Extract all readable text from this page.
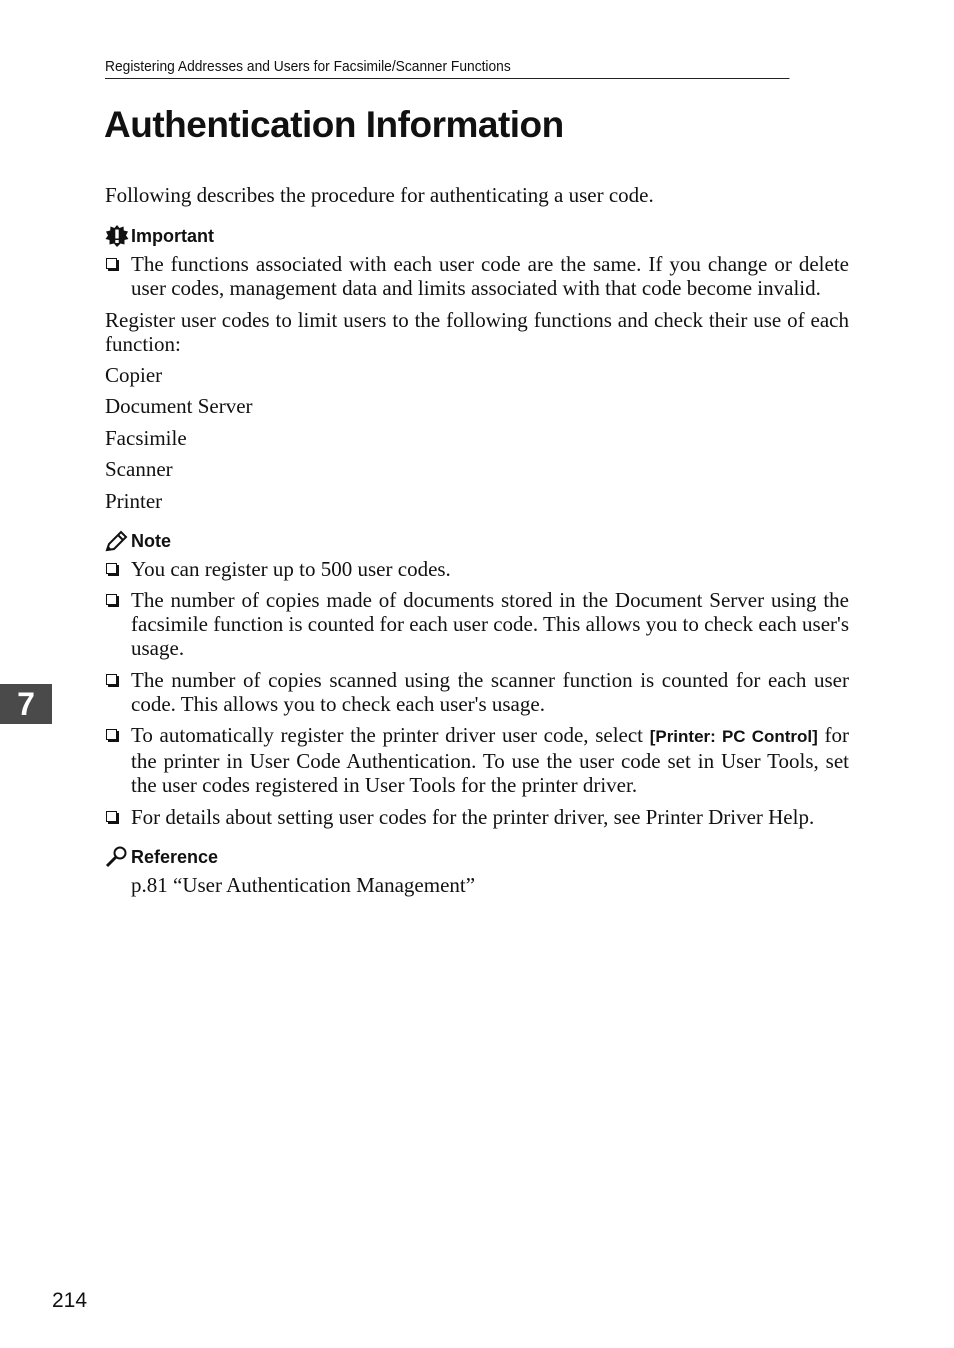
Registering Addresses and Users for Facsimile/Scanner Functions
Authentication Information

Following describes the procedure for authenticating a user code.

Important
The functions associated with each user code are the same. If you change or delete user codes, management data and limits associated with that code become invalid.

Register user codes to limit users to the following functions and check their use of each function:

Copier

Document Server

Facsimile

Scanner

Printer

Note
You can register up to 500 user codes.
The number of copies made of documents stored in the Document Server using the facsimile function is counted for each user code. This allows you to check each user's usage.
The number of copies scanned using the scanner function is counted for each user code. This allows you to check each user's usage.
To automatically register the printer driver user code, select [Printer: PC Control] for the printer in User Code Authentication. To use the user code set in User Tools, set the user codes registered in User Tools for the printer driver.
For details about setting user codes for the printer driver, see Printer Driver Help.
Reference

p.81 “User Authentication Management”

7
214
